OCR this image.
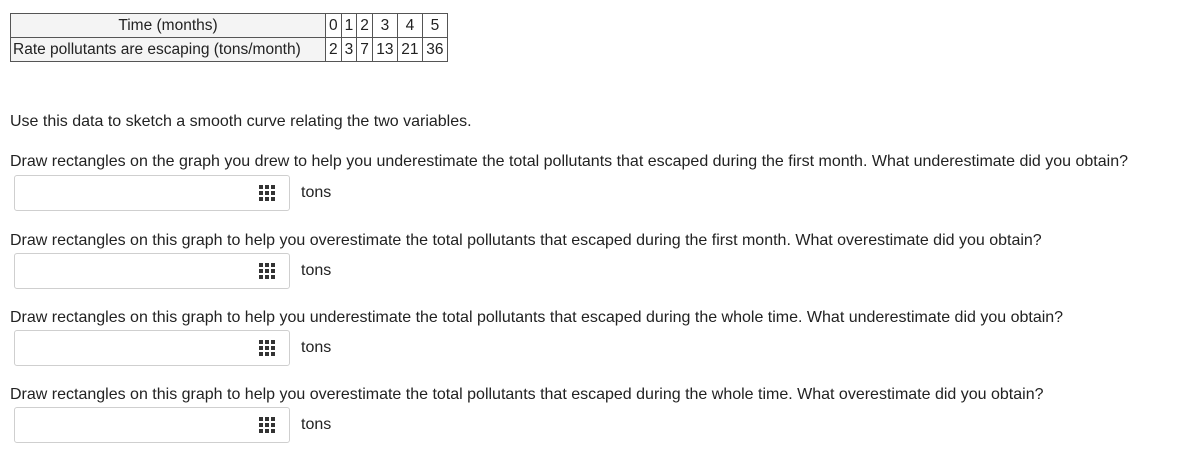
Time (months)	0	1	2	3	4	5
Rate pollutants are escaping (tons/month)	2	3	7	13	21	36

Use this data to sketch a smooth curve relating the two variables.

Draw rectangles on the graph you drew to help you underestimate the total pollutants that escaped during the first month. What underestimate did you obtain?

tons

Draw rectangles on this graph to help you overestimate the total pollutants that escaped during the first month. What overestimate did you obtain?

tons

Draw rectangles on this graph to help you underestimate the total pollutants that escaped during the whole time. What underestimate did you obtain?

tons

Draw rectangles on this graph to help you overestimate the total pollutants that escaped during the whole time. What overestimate did you obtain?

tons
